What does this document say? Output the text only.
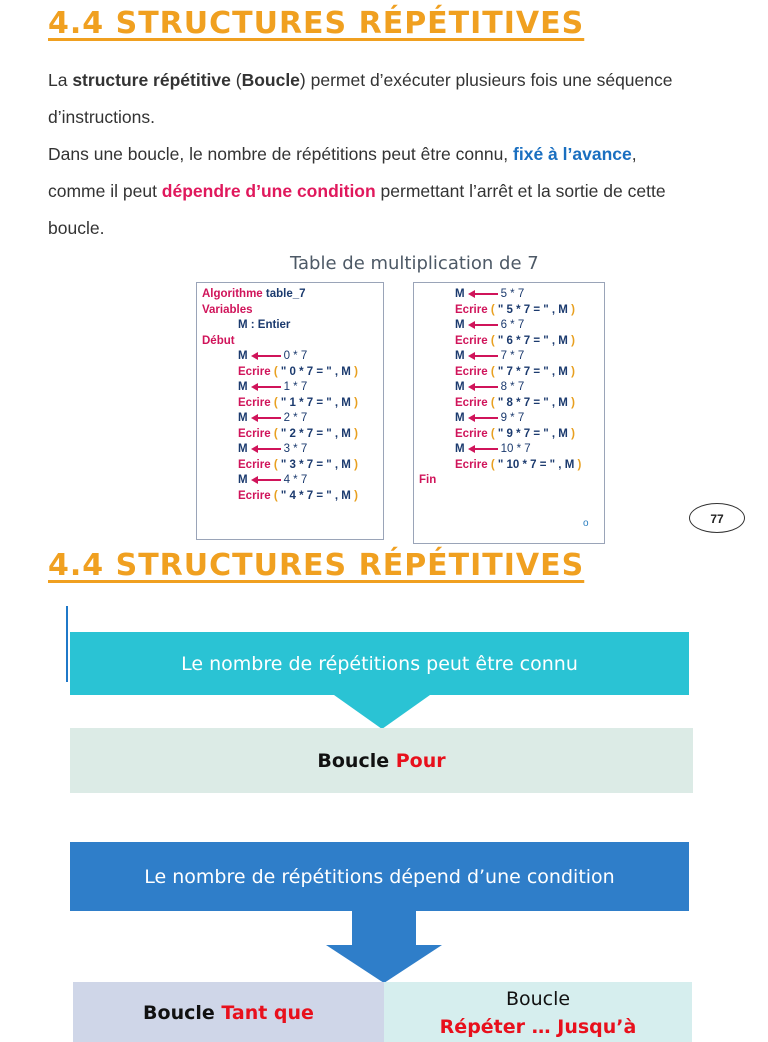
4.4 STRUCTURES RÉPÉTITIVES
La structure répétitive (Boucle) permet d’exécuter plusieurs fois une séquence d’instructions.
Dans une boucle, le nombre de répétitions peut être connu, fixé à l’avance, comme il peut dépendre d’une condition permettant l’arrêt et la sortie de cette boucle.
Table de multiplication de 7
Algorithme table_7
Variables
M : Entier
Début
M	0 * 7
Ecrire ( " 0 * 7 = " , M )
M	1 * 7
Ecrire ( " 1 * 7 = " , M )
M	2 * 7
Ecrire ( " 2 * 7 = " , M )
M	3 * 7
Ecrire ( " 3 * 7 = " , M )
M	4 * 7
Ecrire ( " 4 * 7 = " , M )
M	5 * 7
Ecrire ( " 5 * 7 = " , M )
M	6 * 7
Ecrire ( " 6 * 7 = " , M )
M	7 * 7
Ecrire ( " 7 * 7 = " , M )
M	8 * 7
Ecrire ( " 8 * 7 = " , M )
M	9 * 7
Ecrire ( " 9 * 7 = " , M )
M	10 * 7
Ecrire ( " 10 * 7 = " , M )
Fin
o	77
4.4 STRUCTURES RÉPÉTITIVES
Le nombre de répétitions peut être connu
Boucle Pour
Le nombre de répétitions dépend d’une condition
Boucle Tant que
Boucle
Répéter … Jusqu’à
